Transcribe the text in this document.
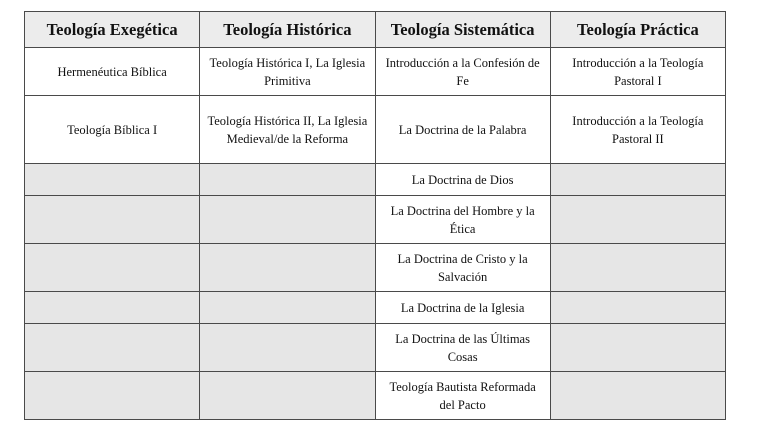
Teología Exegética	Teología Histórica	Teología Sistemática	Teología Práctica
Hermenéutica Bíblica	Teología Histórica I, La Iglesia Primitiva	Introducción a la Confesión de Fe	Introducción a la Teología Pastoral I
Teología Bíblica I	Teología Histórica II, La Iglesia Medieval/de la Reforma	La Doctrina de la Palabra	Introducción a la Teología Pastoral II
		La Doctrina de Dios	
		La Doctrina del Hombre y la Ética	
		La Doctrina de Cristo y la Salvación	
		La Doctrina de la Iglesia	
		La Doctrina de las Últimas Cosas	
		Teología Bautista Reformada del Pacto	
